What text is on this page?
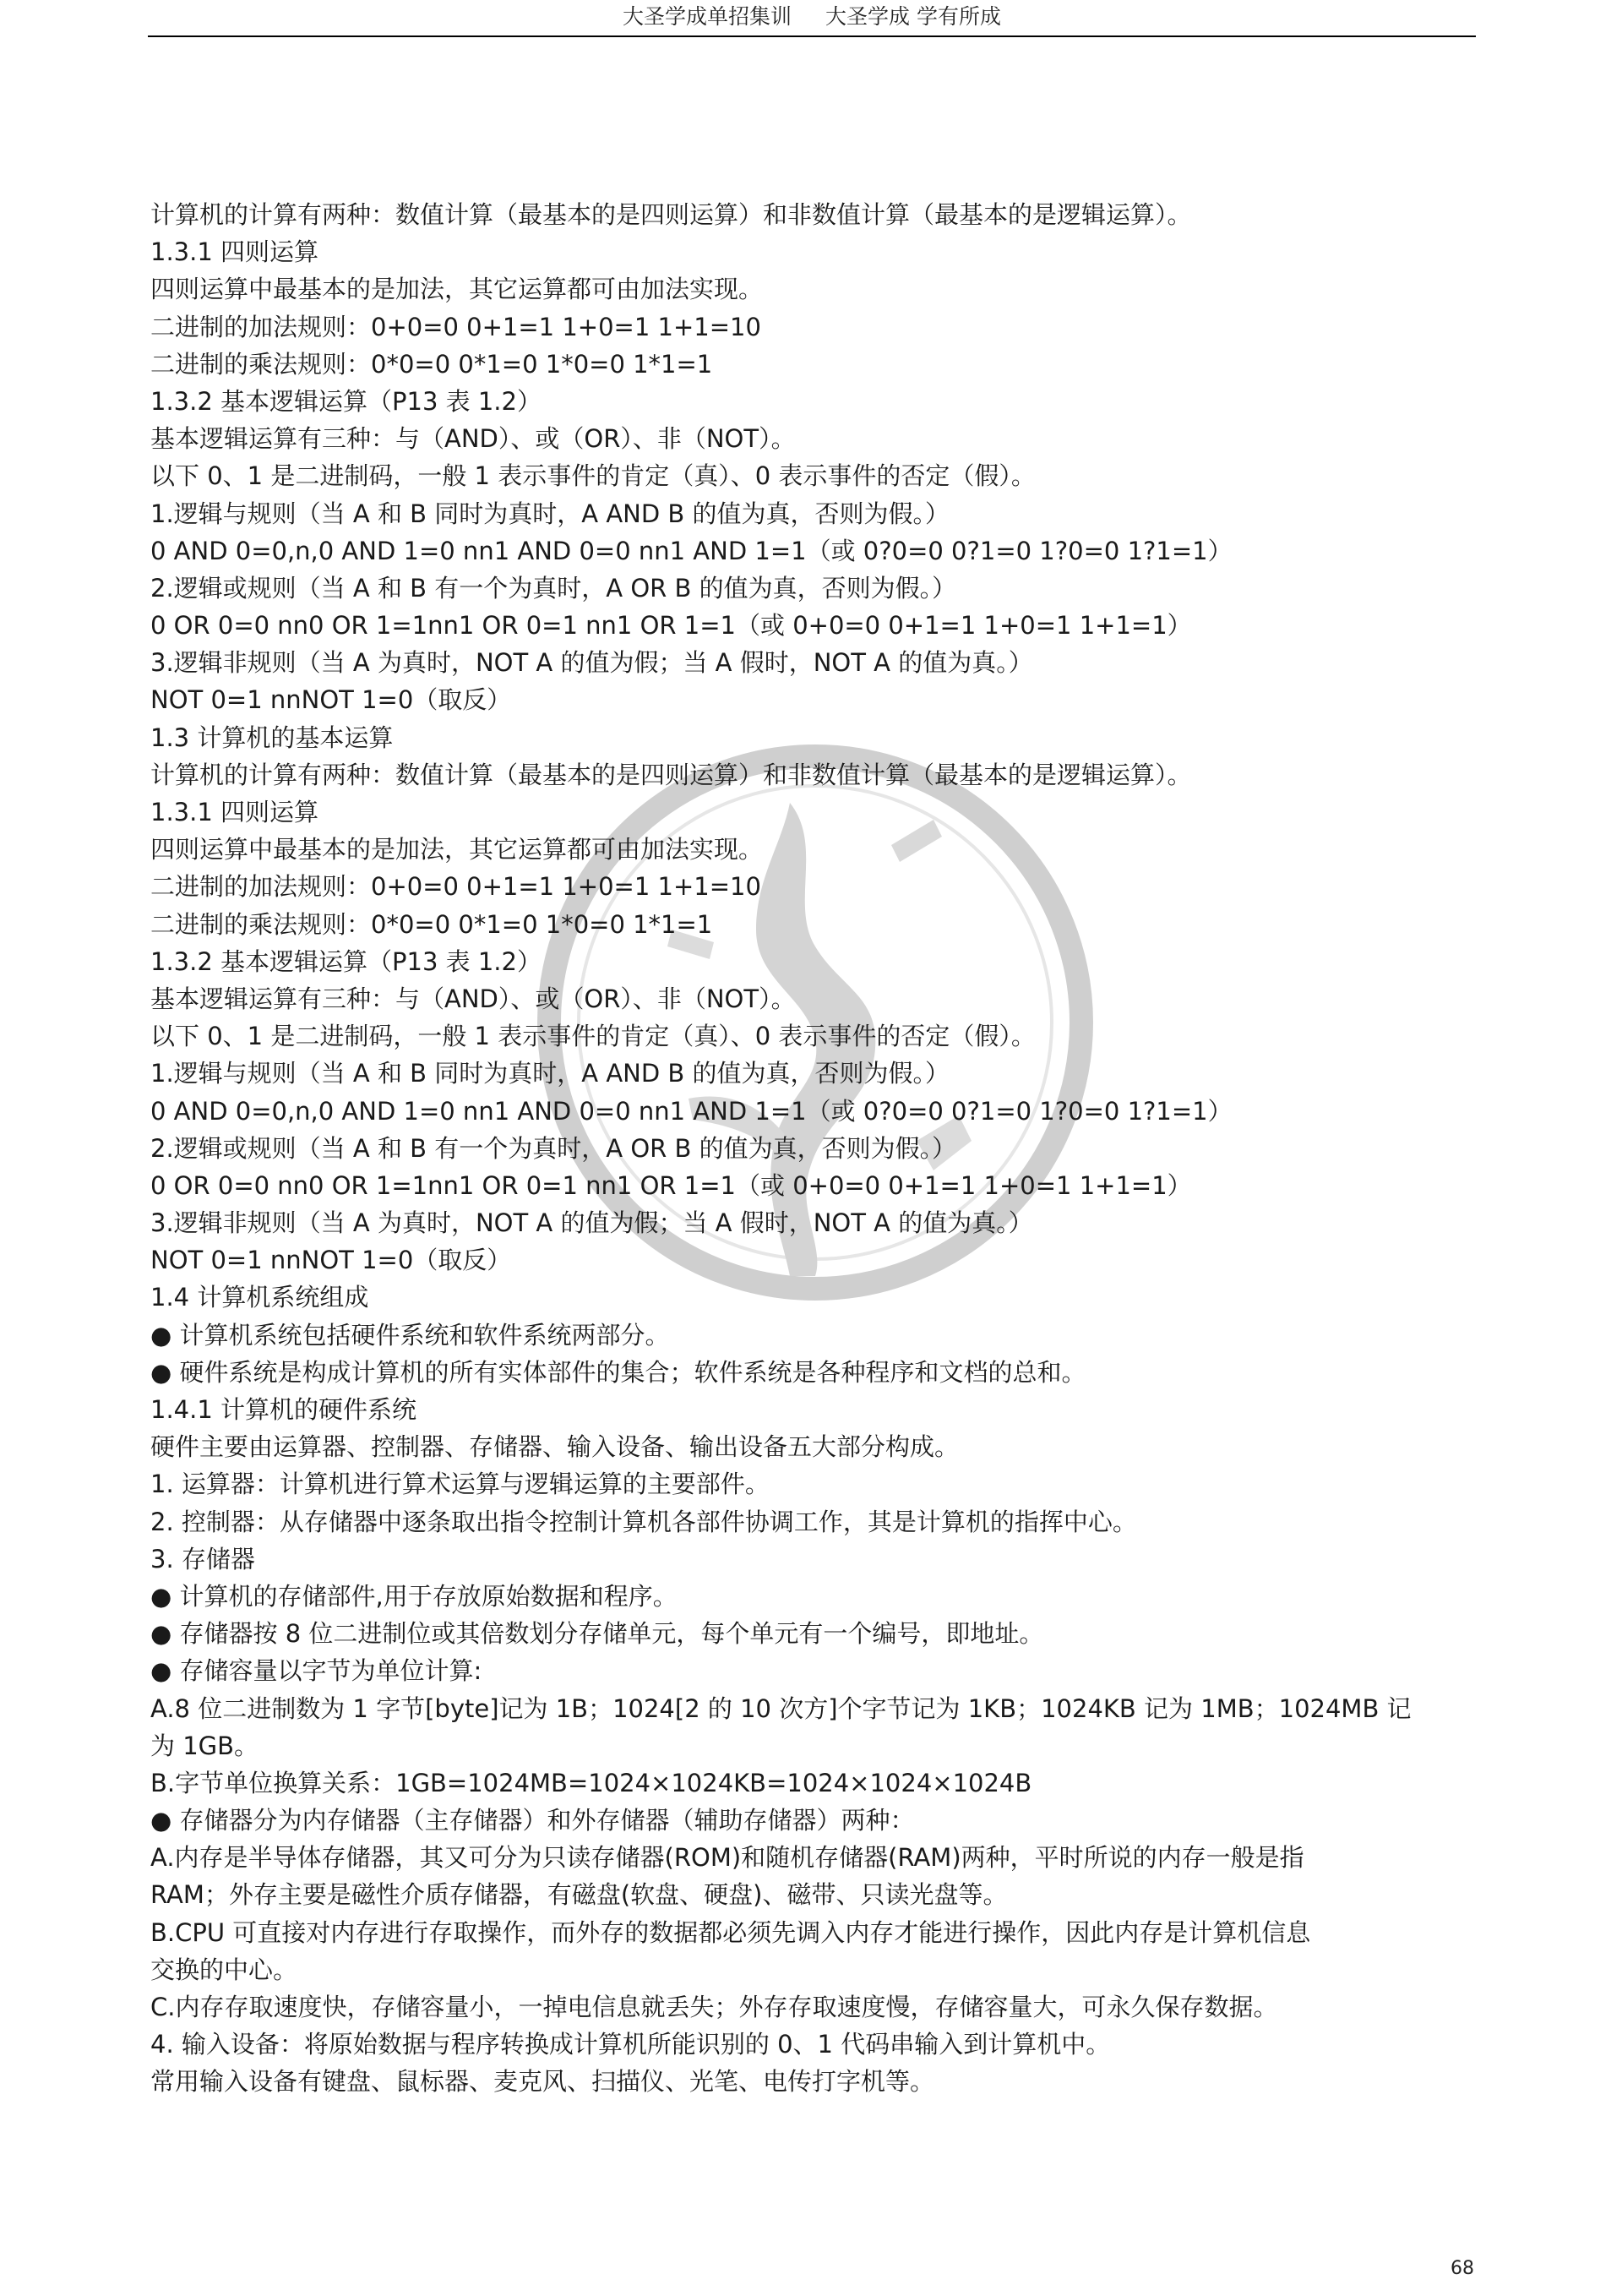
大圣学成单招集训 大圣学成 学有所成
计算机的计算有两种：数值计算（最基本的是四则运算）和非数值计算（最基本的是逻辑运算）。
1.3.1 四则运算
四则运算中最基本的是加法，其它运算都可由加法实现。
二进制的加法规则：0+0=0 0+1=1 1+0=1 1+1=10
二进制的乘法规则：0*0=0 0*1=0 1*0=0 1*1=1
1.3.2 基本逻辑运算（P13 表 1.2）
基本逻辑运算有三种：与（AND）、或（OR）、非（NOT）。
以下 0、1 是二进制码，一般 1 表示事件的肯定（真）、0 表示事件的否定（假）。
1.逻辑与规则（当 A 和 B 同时为真时，A AND B 的值为真，否则为假。）
0 AND 0=0,n,0 AND 1=0 nn1 AND 0=0 nn1 AND 1=1（或 0?0=0 0?1=0 1?0=0 1?1=1）
2.逻辑或规则（当 A 和 B 有一个为真时，A OR B 的值为真，否则为假。）
0 OR 0=0 nn0 OR 1=1nn1 OR 0=1 nn1 OR 1=1（或 0+0=0 0+1=1 1+0=1 1+1=1）
3.逻辑非规则（当 A 为真时，NOT A 的值为假；当 A 假时，NOT A 的值为真。）
NOT 0=1 nnNOT 1=0（取反）
1.3 计算机的基本运算
计算机的计算有两种：数值计算（最基本的是四则运算）和非数值计算（最基本的是逻辑运算）。
1.3.1 四则运算
四则运算中最基本的是加法，其它运算都可由加法实现。
二进制的加法规则：0+0=0 0+1=1 1+0=1 1+1=10
二进制的乘法规则：0*0=0 0*1=0 1*0=0 1*1=1
1.3.2 基本逻辑运算（P13 表 1.2）
基本逻辑运算有三种：与（AND）、或（OR）、非（NOT）。
以下 0、1 是二进制码，一般 1 表示事件的肯定（真）、0 表示事件的否定（假）。
1.逻辑与规则（当 A 和 B 同时为真时，A AND B 的值为真，否则为假。）
0 AND 0=0,n,0 AND 1=0 nn1 AND 0=0 nn1 AND 1=1（或 0?0=0 0?1=0 1?0=0 1?1=1）
2.逻辑或规则（当 A 和 B 有一个为真时，A OR B 的值为真，否则为假。）
0 OR 0=0 nn0 OR 1=1nn1 OR 0=1 nn1 OR 1=1（或 0+0=0 0+1=1 1+0=1 1+1=1）
3.逻辑非规则（当 A 为真时，NOT A 的值为假；当 A 假时，NOT A 的值为真。）
NOT 0=1 nnNOT 1=0（取反）
1.4 计算机系统组成
● 计算机系统包括硬件系统和软件系统两部分。
● 硬件系统是构成计算机的所有实体部件的集合；软件系统是各种程序和文档的总和。
1.4.1 计算机的硬件系统
硬件主要由运算器、控制器、存储器、输入设备、输出设备五大部分构成。
1. 运算器：计算机进行算术运算与逻辑运算的主要部件。
2. 控制器：从存储器中逐条取出指令控制计算机各部件协调工作，其是计算机的指挥中心。
3. 存储器
● 计算机的存储部件,用于存放原始数据和程序。
● 存储器按 8 位二进制位或其倍数划分存储单元，每个单元有一个编号，即地址。
● 存储容量以字节为单位计算:
A.8 位二进制数为 1 字节[byte]记为 1B；1024[2 的 10 次方]个字节记为 1KB；1024KB 记为 1MB；1024MB 记
为 1GB。
B.字节单位换算关系：1GB=1024MB=1024×1024KB=1024×1024×1024B
● 存储器分为内存储器（主存储器）和外存储器（辅助存储器）两种：
A.内存是半导体存储器，其又可分为只读存储器(ROM)和随机存储器(RAM)两种，平时所说的内存一般是指
RAM；外存主要是磁性介质存储器，有磁盘(软盘、硬盘)、磁带、只读光盘等。
B.CPU 可直接对内存进行存取操作，而外存的数据都必须先调入内存才能进行操作，因此内存是计算机信息
交换的中心。
C.内存存取速度快，存储容量小，一掉电信息就丢失；外存存取速度慢，存储容量大，可永久保存数据。
4. 输入设备：将原始数据与程序转换成计算机所能识别的 0、1 代码串输入到计算机中。
常用输入设备有键盘、鼠标器、麦克风、扫描仪、光笔、电传打字机等。
68
